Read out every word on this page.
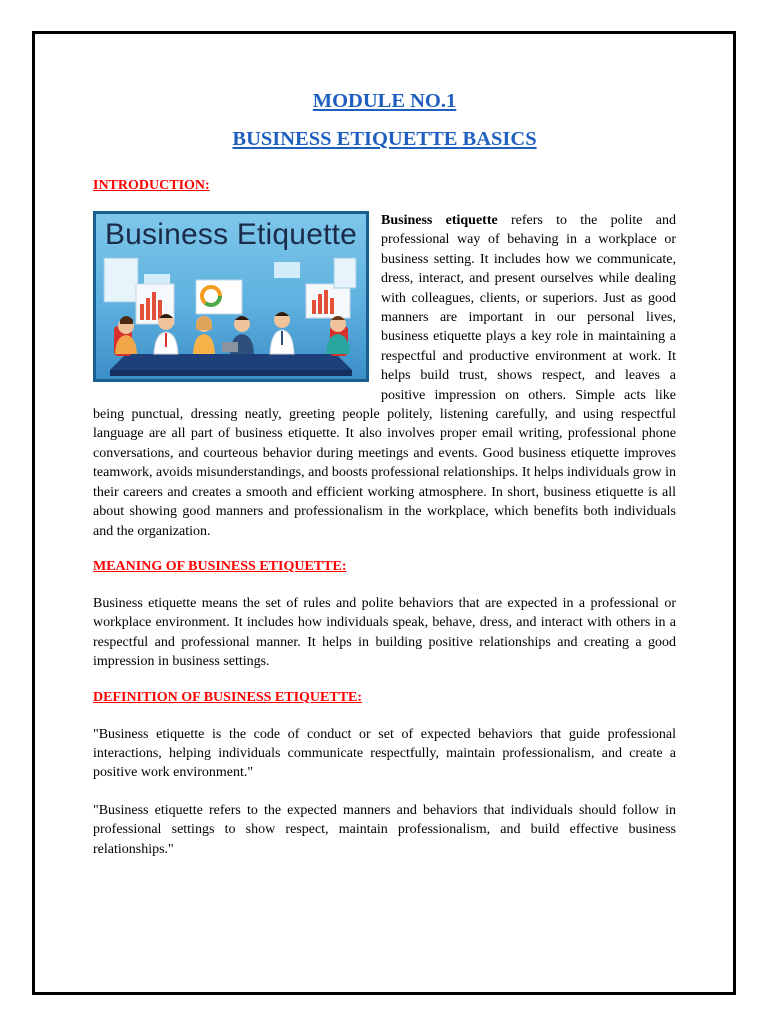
MODULE NO.1
BUSINESS ETIQUETTE BASICS
INTRODUCTION:
Business Etiquette	Business etiquette refers to the polite and professional way of behaving in a workplace or business setting. It includes how we communicate, dress, interact, and present ourselves while dealing with colleagues, clients, or superiors. Just as good manners are important in our personal lives, business etiquette plays a key role in maintaining a respectful and productive environment at work. It helps build trust, shows respect, and leaves a positive impression on others. Simple acts like being punctual, dressing neatly, greeting people politely, listening carefully, and using respectful language are all part of business etiquette. It also involves proper email writing, professional phone conversations, and courteous behavior during meetings and events. Good business etiquette improves teamwork, avoids misunderstandings, and boosts professional relationships. It helps individuals grow in their careers and creates a smooth and efficient working atmosphere. In short, business etiquette is all about showing good manners and professionalism in the workplace, which benefits both individuals and the organization.

MEANING OF BUSINESS ETIQUETTE:

Business etiquette means the set of rules and polite behaviors that are expected in a professional or workplace environment. It includes how individuals speak, behave, dress, and interact with others in a respectful and professional manner. It helps in building positive relationships and creating a good impression in business settings.

DEFINITION OF BUSINESS ETIQUETTE:

"Business etiquette is the code of conduct or set of expected behaviors that guide professional interactions, helping individuals communicate respectfully, maintain professionalism, and create a positive work environment."

"Business etiquette refers to the expected manners and behaviors that individuals should follow in professional settings to show respect, maintain professionalism, and build effective business relationships."
